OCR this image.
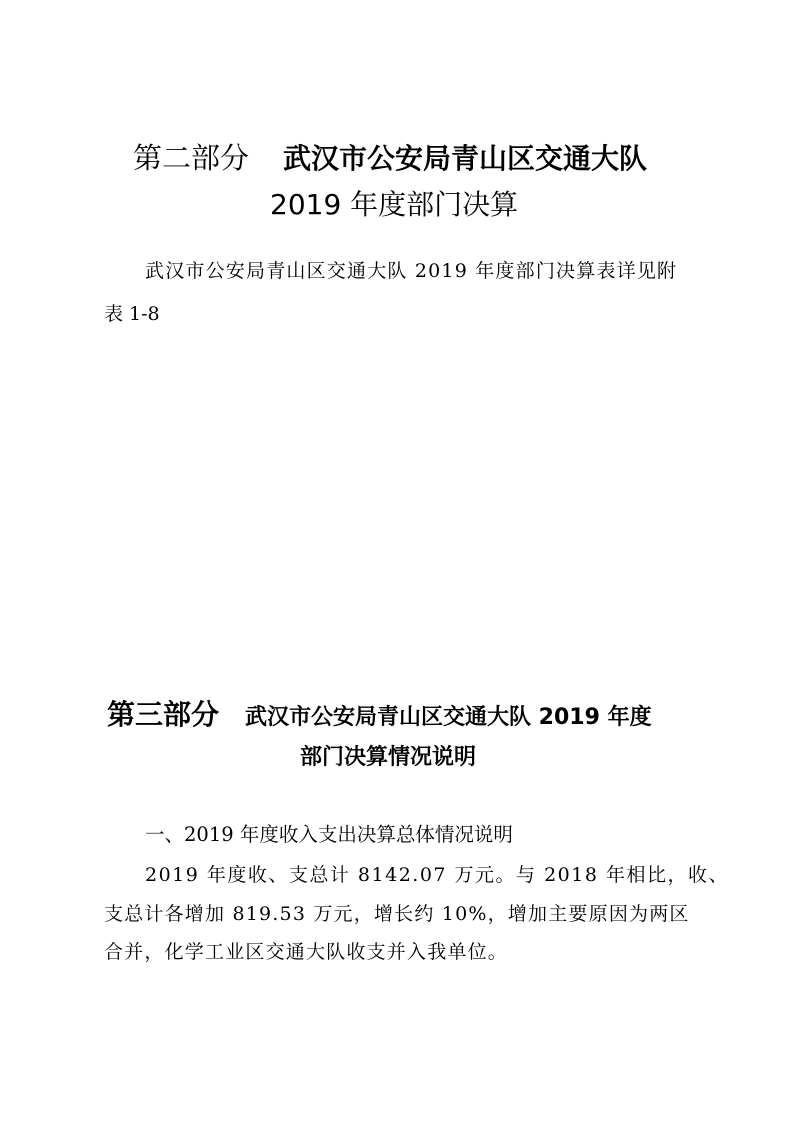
第二部分 武汉市公安局青山区交通大队
2019 年度部门决算

武汉市公安局青山区交通大队 2019 年度部门决算表详见附

表 1-8

第三部分 武汉市公安局青山区交通大队 2019 年度
部门决算情况说明

一、2019 年度收入支出决算总体情况说明

2019 年度收、支总计 8142.07 万元。与 2018 年相比，收、

支总计各增加 819.53 万元，增长约 10%，增加主要原因为两区

合并，化学工业区交通大队收支并入我单位。
